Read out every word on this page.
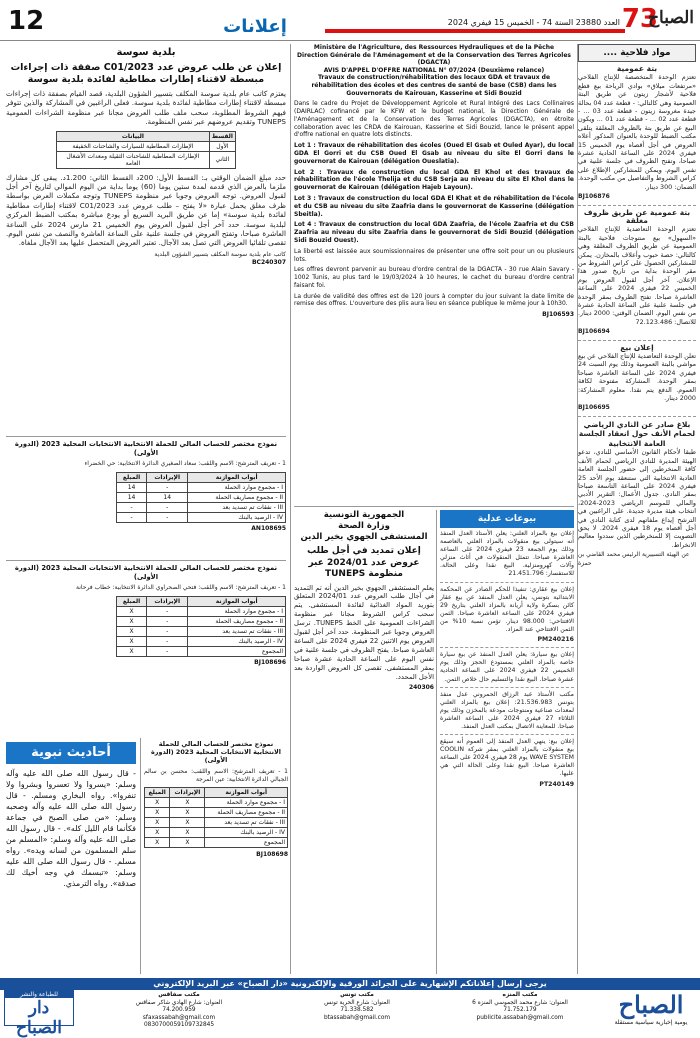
12	إعلانات	العدد 23880 السنة 74 - الخميس 15 فيفري 2024 73
الصباح
مواد فلاحية ....
بتة عمومية

تعتزم الوحدة المتخصصة للإنتاج الفلاحي «مرتفعات ميلاق» بوادي الرياحة بيع قطع فلاحية لأشجار زيتون عن طريق البتة العمومية وهي كالتالي: - قطعة عدد 04 بحالة جيدة مغروسة زيتون - قطعة عدد 03 ... - قطعة عدد 02 ... - قطعة عدد 01 ... ويكون البيع عن طريق بتة بالظروف المغلقة يتلقى مكتب الضبط للوحدة بالعنوان المذكور أعلاه العروض في أجل أقصاه يوم الخميس 15 فيفري 2024 على الساعة الحادية عشرة صباحا، وتفتح الظروف في جلسة علنية في نفس اليوم. ويمكن للمشاركين الإطلاع على كراس الشروط والتفاصيل من مكتب الوحدة. الضمان: 300 دينار.

BJ106876
بتة عمومية عن طريق ظروف مغلقة

تعتزم الوحدة التعاضدية للإنتاج الفلاحي «السهول» بيع منتوجات فلاحية بالبتة العمومية عن طريق الظروف المغلقة وهي كالتالي: حصة حبوب وأعلاف بالمخازن. يمكن للمشاركين الحصول على كراس الشروط من مقر الوحدة بداية من تاريخ صدور هذا الإعلان. آخر أجل لقبول العروض يوم الخميس 22 فيفري 2024 على الساعة العاشرة صباحا. تفتح الظروف بمقر الوحدة في جلسة علنية على الساعة الحادية عشرة من نفس اليوم. الضمان الوقتي: 2000 دينار. للاتصال: 72.123.486

BJ106694
إعلان بيع

تعلن الوحدة التعاضدية للإنتاج الفلاحي عن بيع مواشي بالبتة العمومية وذلك يوم السبت 24 فيفري 2024 على الساعة العاشرة صباحا بمقر الوحدة. المشاركة مفتوحة لكافة العموم. الدفع يتم نقدا. معلوم المشاركة: 2000 دينار.

BJ106695
بلاغ صادر عن النادي الرياضي لحمام الأنف حول انعقاد الجلسة العامة الانتخابية

طبقا لأحكام القانون الأساسي للنادي، تدعو الهيئة المديرة للنادي الرياضي لحمام الأنف كافة المنخرطين إلى حضور الجلسة العامة العادية الانتخابية التي ستنعقد يوم الأحد 25 فيفري 2024 على الساعة التاسعة صباحا بمقر النادي. جدول الأعمال: التقرير الأدبي والمالي للموسم الرياضي 2023-2024، انتخاب هيئة مديرة جديدة. على الراغبين في الترشح إيداع ملفاتهم لدى كتابة النادي في أجل أقصاه يوم 18 فيفري 2024. لا يحق التصويت إلا للمنخرطين الذين سددوا معاليم الانخراط.

عن الهيئة التسييرية الرئيس محمد القاضي بن حمزة
Ministère de l'Agriculture, des Ressources Hydrauliques et de la Pêche
Direction Générale de l'Aménagement et de la Conservation des Terres Agricoles (DGACTA)
AVIS D'APPEL D'OFFRE NATIONAL N° 07/2024 (Deuxième relance)
Travaux de construction/réhabilitation des locaux GDA et travaux de réhabilitation des écoles et des centres de santé de base (CSB) dans les Gouvernorats de Kairouan, Kasserine et Sidi Bouzid

Dans le cadre du Projet de Développement Agricole et Rural Intégré des Lacs Collinaires (DAIRLAC) cofinancé par le KFW et le budget national, la Direction Générale de l'Aménagement et de la Conservation des Terres Agricoles (DGACTA), en étroite collaboration avec les CRDA de Kairouan, Kasserine et Sidi Bouzid, lance le présent appel d'offre national en quatre lots distincts.

Lot 1 : Travaux de réhabilitation des écoles (Oued El Gsab et Ouled Ayar), du local GDA El Gorri et du CSB Oued El Gsab au niveau du site El Gorri dans le gouvernorat de Kairouan (délégation Oueslatia).

Lot 2 : Travaux de construction du local GDA El Khol et des travaux de réhabilitation de l'école Thelija et du CSB Serja au niveau du site El Khol dans le gouvernorat de Kairouan (délégation Hajeb Layoun).

Lot 3 : Travaux de construction du local GDA El Khat et de réhabilitation de l'école et du CSB au niveau du site Zaafria dans le gouvernorat de Kasserine (délégation Sbeitla).

Lot 4 : Travaux de construction du local GDA Zaafria, de l'école Zaafria et du CSB Zaafria au niveau du site Zaafria dans le gouvernorat de Sidi Bouzid (délégation Sidi Bouzid Ouest).

La liberté est laissée aux soumissionnaires de présenter une offre soit pour un ou plusieurs lots.

Les offres devront parvenir au bureau d'ordre central de la DGACTA - 30 rue Alain Savary - 1002 Tunis, au plus tard le 19/03/2024 à 10 heures, le cachet du bureau d'ordre central faisant foi.

La durée de validité des offres est de 120 jours à compter du jour suivant la date limite de remise des offres. L'ouverture des plis aura lieu en séance publique le même jour à 10h30.

BJ106593
بلدية سوسة
إعلان عن طلب عروض عدد 2023/C01 صفقة ذات إجراءات مبسطة لاقتناء إطارات مطاطية لفائدة بلدية سوسة
يعتزم كاتب عام بلدية سوسة المكلف بتسيير الشؤون البلدية، قصد القيام بصفقة ذات إجراءات مبسطة لاقتناء إطارات مطاطية لفائدة بلدية سوسة. فعلى الراغبين في المشاركة والذين تتوفر فيهم الشروط المطلوبة، سحب ملف طلب العروض مجانا عبر منظومة الشراءات العمومية TUNEPS وتقديم عروضهم عبر نفس المنظومة.
القسط	البيانات
الأول	الإطارات المطاطية للسيارات والشاحنات الخفيفة
الثاني	الإطارات المطاطية للشاحنات الثقيلة ومعدات الأشغال العامة
حدد مبلغ الضمان الوقتي بـ: القسط الأول: 200د القسط الثاني: 1.200د. يبقى كل مشارك ملزما بالعرض الذي قدمه لمدة ستين يوما (60) يوما بداية من اليوم الموالي لتاريخ آخر أجل لقبول العروض. توجه العروض وجوبا عبر منظومة TUNEPS وتوجه مكملات العرض بواسطة ظرف مغلق يحمل عبارة «لا يفتح – طلب عروض عدد 2023/C01 لاقتناء إطارات مطاطية لفائدة بلدية سوسة» إما عن طريق البريد السريع أو يودع مباشرة بمكتب الضبط المركزي لبلدية سوسة. حدد آخر أجل لقبول العروض يوم الخميس 21 مارس 2024 على الساعة العاشرة صباحا، وتفتح العروض في جلسة علنية على الساعة العاشرة والنصف من نفس اليوم. تقصى تلقائيا العروض التي تصل بعد الآجال. تعتبر العروض المتحصل عليها بعد الآجال ملغاة.
كاتب عام بلدية سوسة المكلف بتسيير الشؤون البلدية
BC240307
نموذج مختصر للحساب المالي للحملة الانتخابية الانتخابات المحلية 2023 (الدورة الأولى)
1 - تعريف المترشح: الاسم واللقب: سعاد الصغيري الدائرة الانتخابية: حي الخضراء
أبواب الموازنة	الإيرادات	المبلغ
I - مجموع موارد الحملة	-	14
II - مجموع مصاريف الحملة	14	14
III - نفقات تم تسديد بعد	-	-
IV - الرصيد بالبنك	-	-
AN108695
نموذج مختصر للحساب المالي للحملة الانتخابية الانتخابات المحلية 2023 (الدورة الأولى)
1 - تعريف المترشح: الاسم واللقب: فتحي الصحراوي الدائرة الانتخابية: خطاب فرحانة
أبواب الموازنة	الإيرادات	المبلغ
I - مجموع موارد الحملة	-	X
II - مجموع مصاريف الحملة	-	X
III - نفقات تم تسديد بعد	-	X
IV - الرصيد بالبنك	-	X
المجموع	-	X
BJ108696
أحاديث نبوية
- قال رسول الله صلى الله عليه وآله وسلم: «يسروا ولا تعسروا وبشروا ولا تنفروا». رواه البخاري ومسلم. - قال رسول الله صلى الله عليه وآله وصحبه وسلم: «من صلى الصبح في جماعة فكأنما قام الليل كله». - قال رسول الله صلى الله عليه وآله وسلم: «المسلم من سلم المسلمون من لسانه ويده». رواه مسلم. - قال رسول الله صلى الله عليه وسلم: «تبسمك في وجه أخيك لك صدقة». رواه الترمذي.
نموذج مختصر للحساب المالي للحملة الانتخابية الانتخابات المحلية 2023 (الدورة الأولى)
1 - تعريف المترشح: الاسم واللقب: محسن بن سالم الجبالي الدائرة الانتخابية: عين المرجة
أبواب الموازنة	الإيرادات	المبلغ
I - مجموع موارد الحملة	X	X
II - مجموع مصاريف الحملة	X	X
III - نفقات تم تسديد بعد	X	X
IV - الرصيد بالبنك	X	X
المجموع	X	X
BJ108698
الجمهورية التونسية
وزارة الصحة
المستشفى الجهوي بخير الدين
إعلان تمديد في أجل طلب عروض عدد 2024/01 عبر منظومة TUNEPS
يعلم المستشفى الجهوي بخير الدين أنه تم التمديد في آجال طلب العروض عدد 2024/01 المتعلق بتوريد المواد الغذائية لفائدة المستشفى. يتم سحب كراس الشروط مجانا عبر منظومة الشراءات العمومية على الخط TUNEPS. ترسل العروض وجوبا عبر المنظومة. حدد آخر أجل لقبول العروض يوم الاثنين 22 فيفري 2024 على الساعة العاشرة صباحا. يفتح الظروف في جلسة علنية في نفس اليوم على الساعة الحادية عشرة صباحا بمقر المستشفى. تقصى كل العروض الواردة بعد الأجل المحدد.
240306
بيوعات عدلية

إعلان بيع بالمزاد العلني: يعلن الأستاذ العدل المنفذ أنه سيتولى بيع منقولات بالمزاد العلني بالعاصمة وذلك يوم الجمعة 23 فيفري 2024 على الساعة العاشرة صباحا. تتمثل المنقولات في أثاث منزلي وآلات كهرومنزلية. البيع نقدا وعلى الحالة. للاستفسار: 21.451.796

إعلان بيع عقاري: تنفيذا للحكم الصادر عن المحكمة الابتدائية بتونس، يعلن العدل المنفذ عن بيع عقار كائن بسكرة ولاية أريانة بالمزاد العلني بتاريخ 29 فيفري 2024 على الساعة العاشرة صباحا. الثمن الافتتاحي: 98.000 دينار. تؤمن نسبة 10% من الثمن الافتتاحي عند المزاد.

PM240216

إعلان بيع سيارة: يعلن العدل المنفذ عن بيع سيارة خاصة بالمزاد العلني بمستودع الحجز وذلك يوم الخميس 22 فيفري 2024 على الساعة الحادية عشرة صباحا. البيع نقدا والتسليم حال خلاص الثمن.

مكتب الأستاذ عبد الرزاق الحمروني عدل منفذ بتونس 21.536.983: إعلان بيع بالمزاد العلني لمعدات صناعية ومنتوجات مودعة بالمخزن وذلك يوم الثلاثاء 27 فيفري 2024 على الساعة العاشرة صباحا. للمعاينة الاتصال بمكتب العدل المنفذ.

إعلان بيع: ينهي العدل المنفذ إلى العموم أنه سيقع بيع منقولات بالمزاد العلني بمقر شركة COOLIN WAVE SYSTEM يوم 28 فيفري 2024 على الساعة العاشرة صباحا. البيع نقدا وعلى الحالة التي هي عليها.

PT240149
يرجى إرسال إعلاناتكم الإشهارية على الجرائد الورقية والإلكترونية «دار الصباح» عبر البريد الإلكتروني
الصباح
يومية إخبارية سياسية مستقلة
مكتب المنزه
العنوان: شارع محمد الجموسي المنزه 6
71.752.179
publicite.assabah@gmail.com
مكتب تونس
العنوان: شارع الحرية تونس
71.338.582
btassabah@gmail.com
مكتب صفاقس
العنوان: شارع الهادي شاكر صفاقس
74.200.959
sfaxassabah@gmail.com
0830700059109732845
للطباعة والنشر
دار الصباح
